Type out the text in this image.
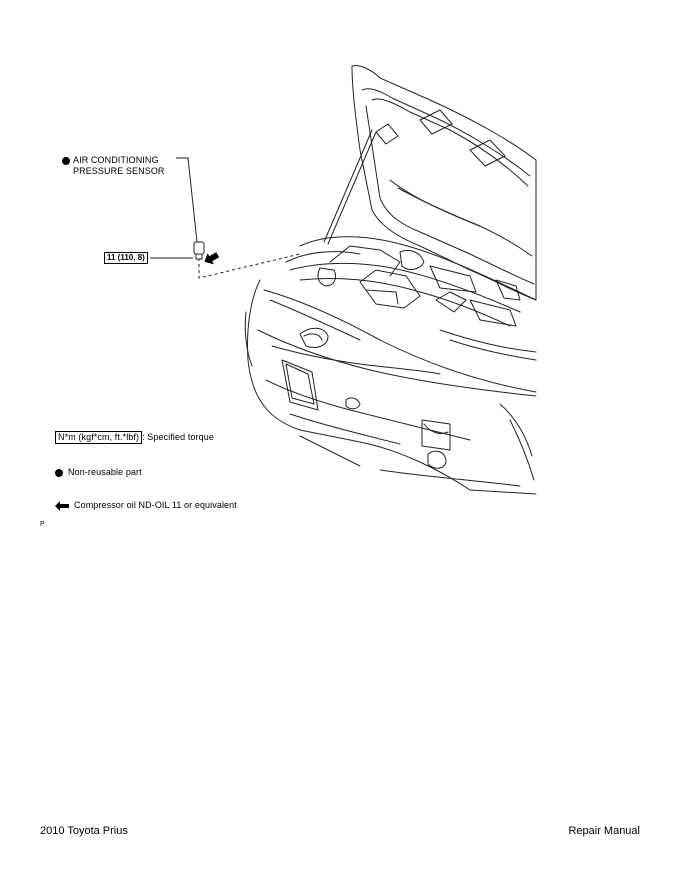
AIR CONDITIONING
PRESSURE SENSOR
11 (110, 8)
N*m (kgf*cm, ft.*lbf) : Specified torque
Non-reusable part
Compressor oil ND-OIL 11 or equivalent
P
2010 Toyota Prius	Repair Manual
